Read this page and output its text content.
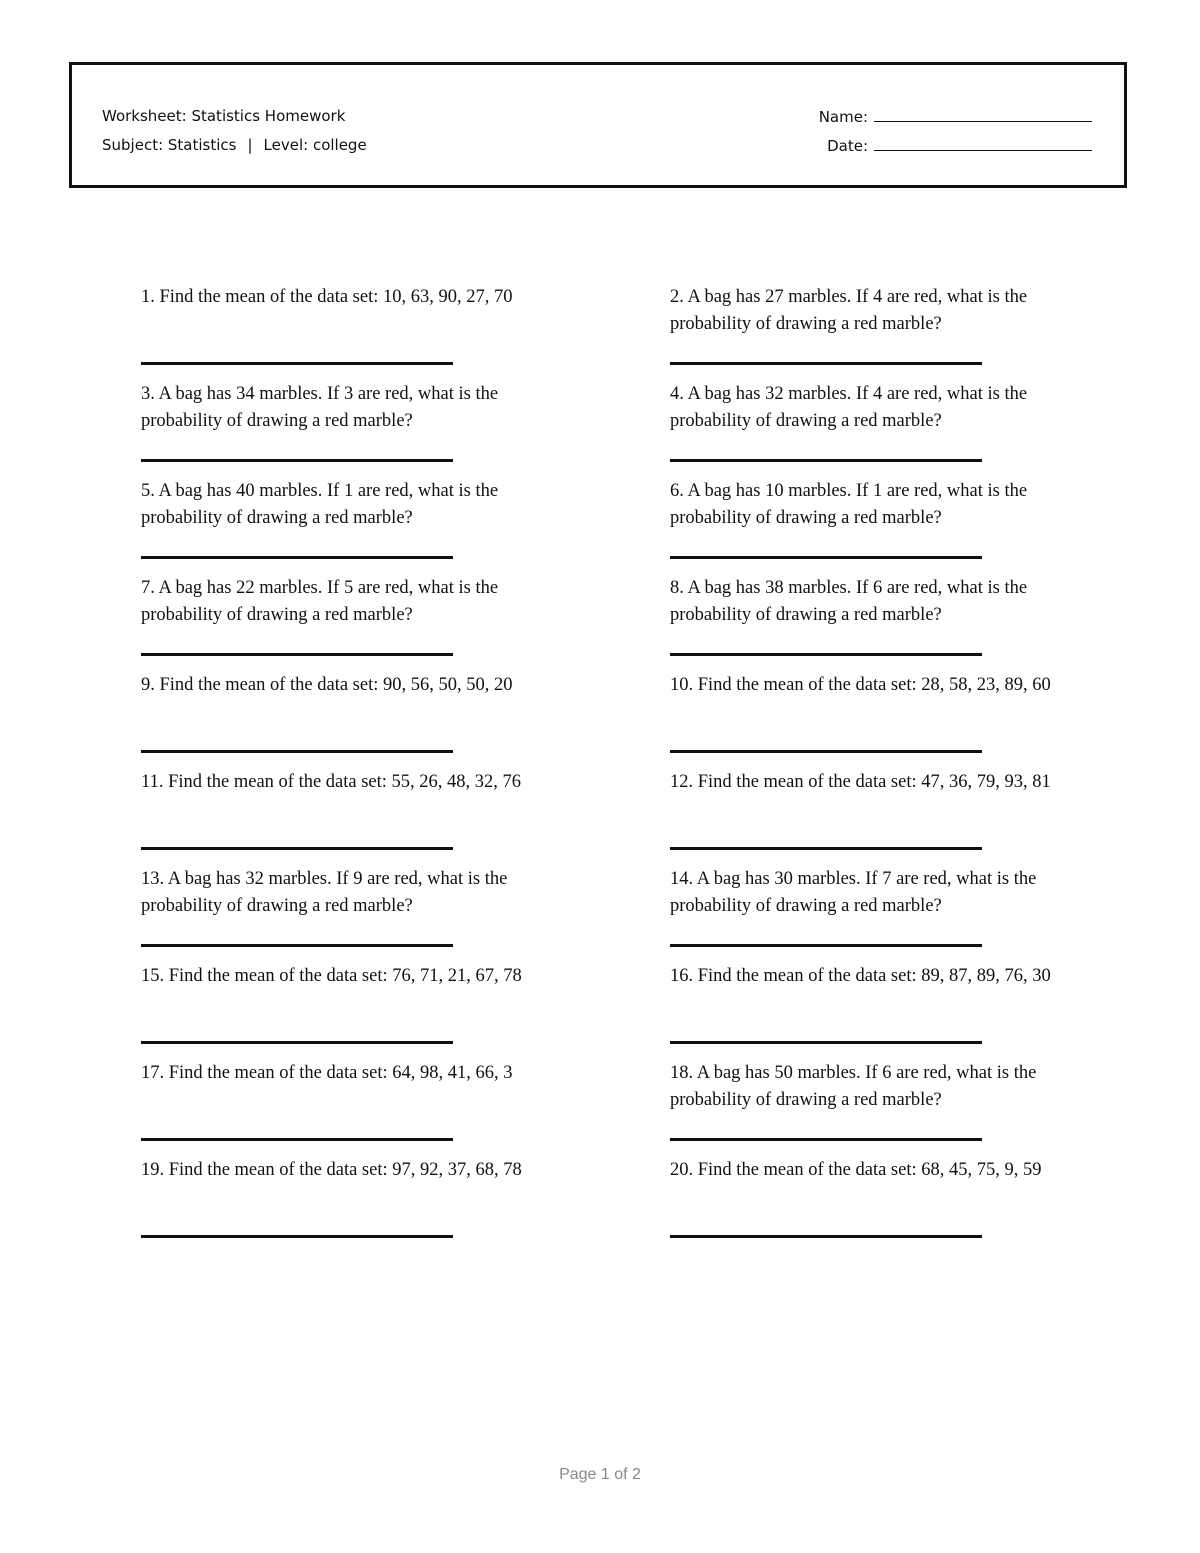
Worksheet: Statistics Homework
Subject: Statistics | Level: college
Name:
Date:
1. Find the mean of the data set: 10, 63, 90, 27, 70	2. A bag has 27 marbles. If 4 are red, what is the probability of drawing a red marble?
3. A bag has 34 marbles. If 3 are red, what is the probability of drawing a red marble?
4. A bag has 32 marbles. If 4 are red, what is the probability of drawing a red marble?
5. A bag has 40 marbles. If 1 are red, what is the probability of drawing a red marble?
6. A bag has 10 marbles. If 1 are red, what is the probability of drawing a red marble?
7. A bag has 22 marbles. If 5 are red, what is the probability of drawing a red marble?
8. A bag has 38 marbles. If 6 are red, what is the probability of drawing a red marble?
9. Find the mean of the data set: 90, 56, 50, 50, 20	10. Find the mean of the data set: 28, 58, 23, 89, 60
11. Find the mean of the data set: 55, 26, 48, 32, 76	12. Find the mean of the data set: 47, 36, 79, 93, 81
13. A bag has 32 marbles. If 9 are red, what is the probability of drawing a red marble?
14. A bag has 30 marbles. If 7 are red, what is the probability of drawing a red marble?
15. Find the mean of the data set: 76, 71, 21, 67, 78	16. Find the mean of the data set: 89, 87, 89, 76, 30
17. Find the mean of the data set: 64, 98, 41, 66, 3	18. A bag has 50 marbles. If 6 are red, what is the probability of drawing a red marble?
19. Find the mean of the data set: 97, 92, 37, 68, 78	20. Find the mean of the data set: 68, 45, 75, 9, 59
Page 1 of 2
